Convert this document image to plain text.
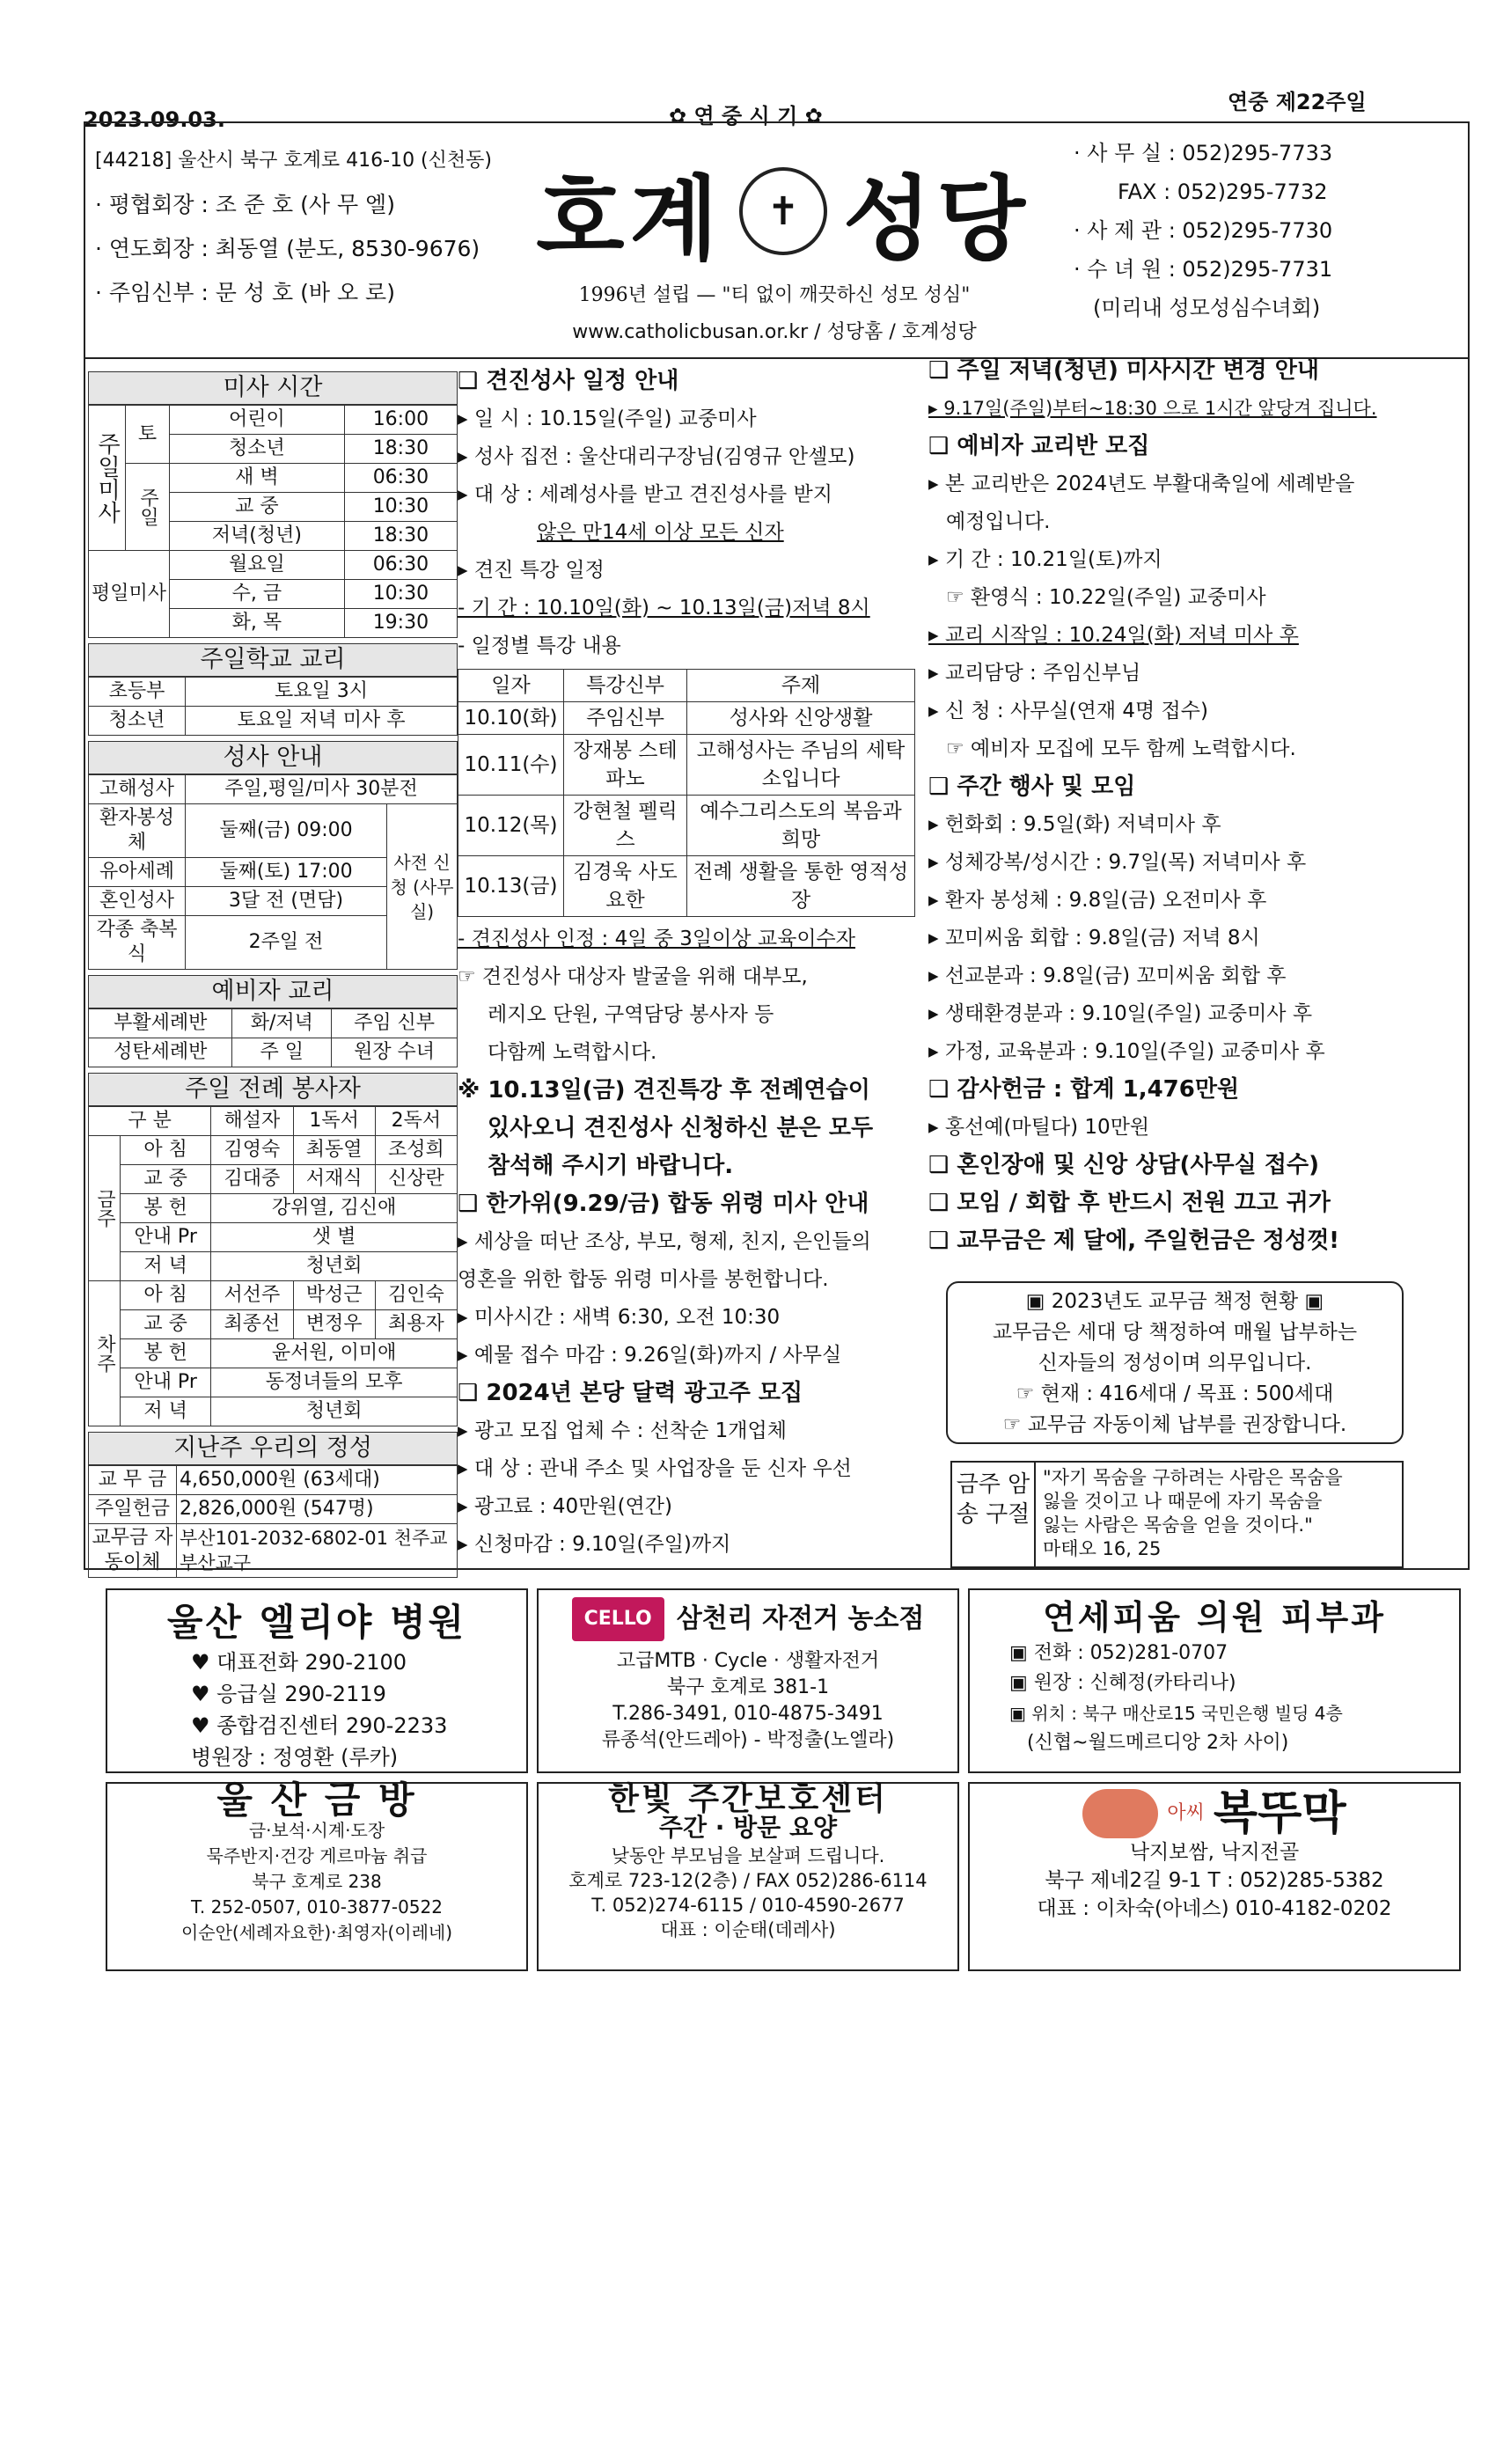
2023.09.03.	✿ 연 중 시 기 ✿
연중 제22주일
[44218] 울산시 북구 호계로 416-10 (신천동)
· 평협회장 : 조 준 호 (사 무 엘)
· 연도회장 : 최동열 (분도, 8530-9676)
· 주임신부 : 문 성 호 (바 오 로)
호계 ✝ 성당
1996년 설립 — "티 없이 깨끗하신 성모 성심"
www.catholicbusan.or.kr / 성당홈 / 호계성당
· 사 무 실 : 052)295-7733
FAX : 052)295-7732
· 사 제 관 : 052)295-7730
· 수 녀 원 : 052)295-7731
(미리내 성모성심수녀회)
미사 시간
주일미사	토	어린이	16:00
		청소년	18:30
	주일	새 벽	06:30
		교 중	10:30
		저녁(청년)	18:30
평일미사		월요일	06:30
		수, 금	10:30
		화, 목	19:30
주일학교 교리
초등부	토요일 3시
청소년	토요일 저녁 미사 후
성사 안내
고해성사	주일,평일/미사 30분전	
환자봉성체	둘째(금) 09:00	사전 신청 (사무실)
유아세례	둘째(토) 17:00	
혼인성사	3달 전 (면담)	
각종 축복식	2주일 전	
예비자 교리
부활세례반	화/저녁	주임 신부
성탄세례반	주 일	원장 수녀
주일 전례 봉사자
구 분		해설자	1독서	2독서
금주	아 침	김영숙	최동열	조성희
	교 중	김대중	서재식	신상란
	봉 헌	강위열, 김신애		
	안내 Pr	샛 별		
	저 녁	청년회		
차주	아 침	서선주	박성근	김인숙
	교 중	최종선	변정우	최용자
	봉 헌	윤서원, 이미애		
	안내 Pr	동정녀들의 모후		
	저 녁	청년회		
지난주 우리의 정성
교 무 금	4,650,000원 (63세대)
주일헌금	2,826,000원 (547명)
교무금 자동이체	부산101-2032-6802-01 천주교 부산교구

❑ 견진성사 일정 안내

▸ 일 시 : 10.15일(주일) 교중미사

▸ 성사 집전 : 울산대리구장님(김영규 안셀모)

▸ 대 상 : 세례성사를 받고 견진성사를 받지

않은 만14세 이상 모든 신자

▸ 견진 특강 일정

- 기 간 : 10.10일(화) ~ 10.13일(금)저녁 8시

- 일정별 특강 내용

일자	특강신부	주제
10.10(화)	주임신부	성사와 신앙생활
10.11(수)	장재봉 스테파노	고해성사는 주님의 세탁소입니다
10.12(목)	강현철 펠릭스	예수그리스도의 복음과 희망
10.13(금)	김경욱 사도요한	전례 생활을 통한 영적성장

- 견진성사 인정 : 4일 중 3일이상 교육이수자

☞ 견진성사 대상자 발굴을 위해 대부모,

레지오 단원, 구역담당 봉사자 등

다함께 노력합시다.

※ 10.13일(금) 견진특강 후 전례연습이

있사오니 견진성사 신청하신 분은 모두

참석해 주시기 바랍니다.

❑ 한가위(9.29/금) 합동 위령 미사 안내

▸ 세상을 떠난 조상, 부모, 형제, 친지, 은인들의

영혼을 위한 합동 위령 미사를 봉헌합니다.

▸ 미사시간 : 새벽 6:30, 오전 10:30

▸ 예물 접수 마감 : 9.26일(화)까지 / 사무실

❑ 2024년 본당 달력 광고주 모집

▸ 광고 모집 업체 수 : 선착순 1개업체

▸ 대 상 : 관내 주소 및 사업장을 둔 신자 우선

▸ 광고료 : 40만원(연간)

▸ 신청마감 : 9.10일(주일)까지

❑ 주일 저녁(청년) 미사시간 변경 안내

▸ 9.17일(주일)부터~18:30 으로 1시간 앞당겨 집니다.

❑ 예비자 교리반 모집

▸ 본 교리반은 2024년도 부활대축일에 세례받을

예정입니다.

▸ 기 간 : 10.21일(토)까지

☞ 환영식 : 10.22일(주일) 교중미사

▸ 교리 시작일 : 10.24일(화) 저녁 미사 후

▸ 교리담당 : 주임신부님

▸ 신 청 : 사무실(연재 4명 접수)

☞ 예비자 모집에 모두 함께 노력합시다.

❑ 주간 행사 및 모임

▸ 헌화회 : 9.5일(화) 저녁미사 후

▸ 성체강복/성시간 : 9.7일(목) 저녁미사 후

▸ 환자 봉성체 : 9.8일(금) 오전미사 후

▸ 꼬미씨움 회합 : 9.8일(금) 저녁 8시

▸ 선교분과 : 9.8일(금) 꼬미씨움 회합 후

▸ 생태환경분과 : 9.10일(주일) 교중미사 후

▸ 가정, 교육분과 : 9.10일(주일) 교중미사 후

❑ 감사헌금 : 합계 1,476만원

▸ 홍선예(마틸다) 10만원

❑ 혼인장애 및 신앙 상담(사무실 접수)

❑ 모임 / 회합 후 반드시 전원 끄고 귀가

❑ 교무금은 제 달에, 주일헌금은 정성껏!

▣ 2023년도 교무금 책정 현황 ▣

교무금은 세대 당 책정하여 매월 납부하는

신자들의 정성이며 의무입니다.

☞ 현재 : 416세대 / 목표 : 500세대

☞ 교무금 자동이체 납부를 권장합니다.

금주 암송 구절

"자기 목숨을 구하려는 사람은 목숨을

잃을 것이고 나 때문에 자기 목숨을

잃는 사람은 목숨을 얻을 것이다."

마태오 16, 25

울산 엘리야 병원

♥ 대표전화 290-2100

♥ 응급실 290-2119

♥ 종합검진센터 290-2233

병원장 : 정영환 (루카)

CELLO 삼천리 자전거 농소점

고급MTB · Cycle · 생활자전거

북구 호계로 381-1

T.286-3491, 010-4875-3491

류종석(안드레아) - 박정출(노엘라)

연세피움 의원 피부과

▣ 전화 : 052)281-0707

▣ 원장 : 신혜정(카타리나)

▣ 위치 : 북구 매산로15 국민은행 빌딩 4층

(신협~월드메르디앙 2차 사이)

울 산 금 방

금·보석·시계·도장

묵주반지·건강 게르마늄 취급

북구 호계로 238

T. 252-0507, 010-3877-0522

이순안(세례자요한)·최영자(이레네)

한빛 주간보호센터

주간 · 방문 요양

낮동안 부모님을 보살펴 드립니다.

호계로 723-12(2층) / FAX 052)286-6114

T. 052)274-6115 / 010-4590-2677

대표 : 이순태(데레사)

아씨 복뚜막

낙지보쌈, 낙지전골

북구 제네2길 9-1 T : 052)285-5382

대표 : 이차숙(아네스) 010-4182-0202
